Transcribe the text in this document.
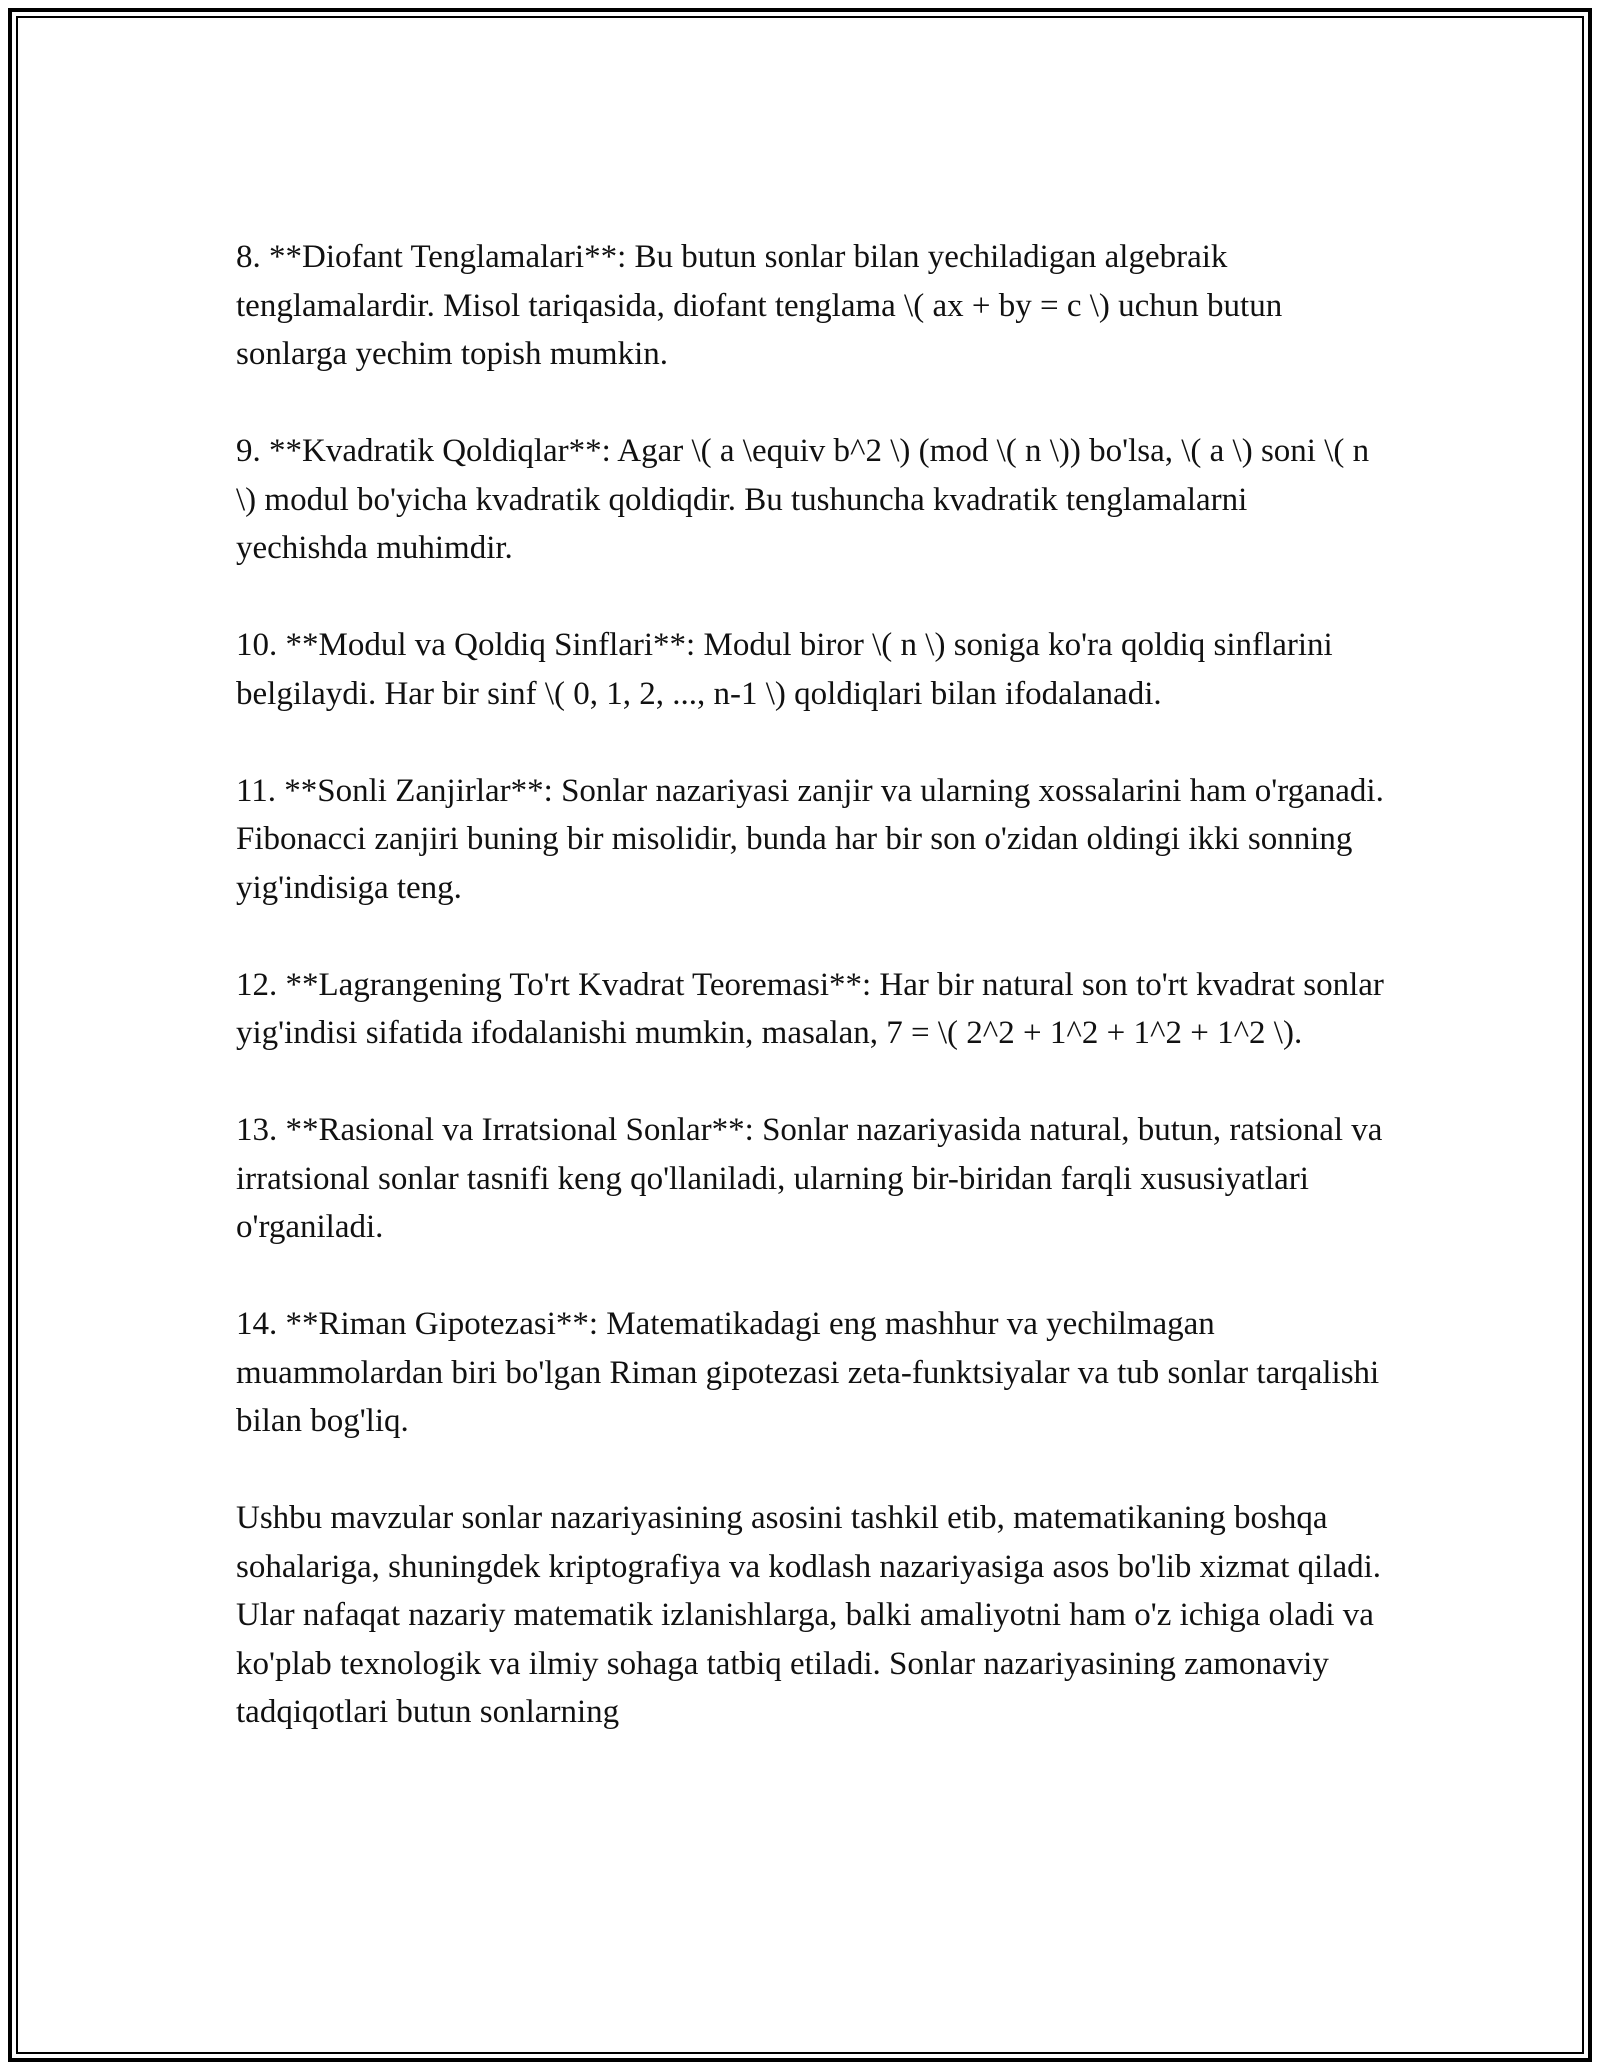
8. **Diofant Tenglamalari**: Bu butun sonlar bilan yechiladigan algebraik tenglamalardir. Misol tariqasida, diofant tenglama \( ax + by = c \) uchun butun sonlarga yechim topish mumkin.

9. **Kvadratik Qoldiqlar**: Agar \( a \equiv b^2 \) (mod \( n \)) bo'lsa, \( a \) soni \( n \) modul bo'yicha kvadratik qoldiqdir. Bu tushuncha kvadratik tenglamalarni yechishda muhimdir.

10. **Modul va Qoldiq Sinflari**: Modul biror \( n \) soniga ko'ra qoldiq sinflarini belgilaydi. Har bir sinf \( 0, 1, 2, ..., n-1 \) qoldiqlari bilan ifodalanadi.

11. **Sonli Zanjirlar**: Sonlar nazariyasi zanjir va ularning xossalarini ham o'rganadi. Fibonacci zanjiri buning bir misolidir, bunda har bir son o'zidan oldingi ikki sonning yig'indisiga teng.

12. **Lagrangening To'rt Kvadrat Teoremasi**: Har bir natural son to'rt kvadrat sonlar yig'indisi sifatida ifodalanishi mumkin, masalan, 7 = \( 2^2 + 1^2 + 1^2 + 1^2 \).

13. **Rasional va Irratsional Sonlar**: Sonlar nazariyasida natural, butun, ratsional va irratsional sonlar tasnifi keng qo'llaniladi, ularning bir-biridan farqli xususiyatlari o'rganiladi.

14. **Riman Gipotezasi**: Matematikadagi eng mashhur va yechilmagan muammolardan biri bo'lgan Riman gipotezasi zeta-funktsiyalar va tub sonlar tarqalishi bilan bog'liq.

Ushbu mavzular sonlar nazariyasining asosini tashkil etib, matematikaning boshqa sohalariga, shuningdek kriptografiya va kodlash nazariyasiga asos bo'lib xizmat qiladi. Ular nafaqat nazariy matematik izlanishlarga, balki amaliyotni ham o'z ichiga oladi va ko'plab texnologik va ilmiy sohaga tatbiq etiladi. Sonlar nazariyasining zamonaviy tadqiqotlari butun sonlarning
